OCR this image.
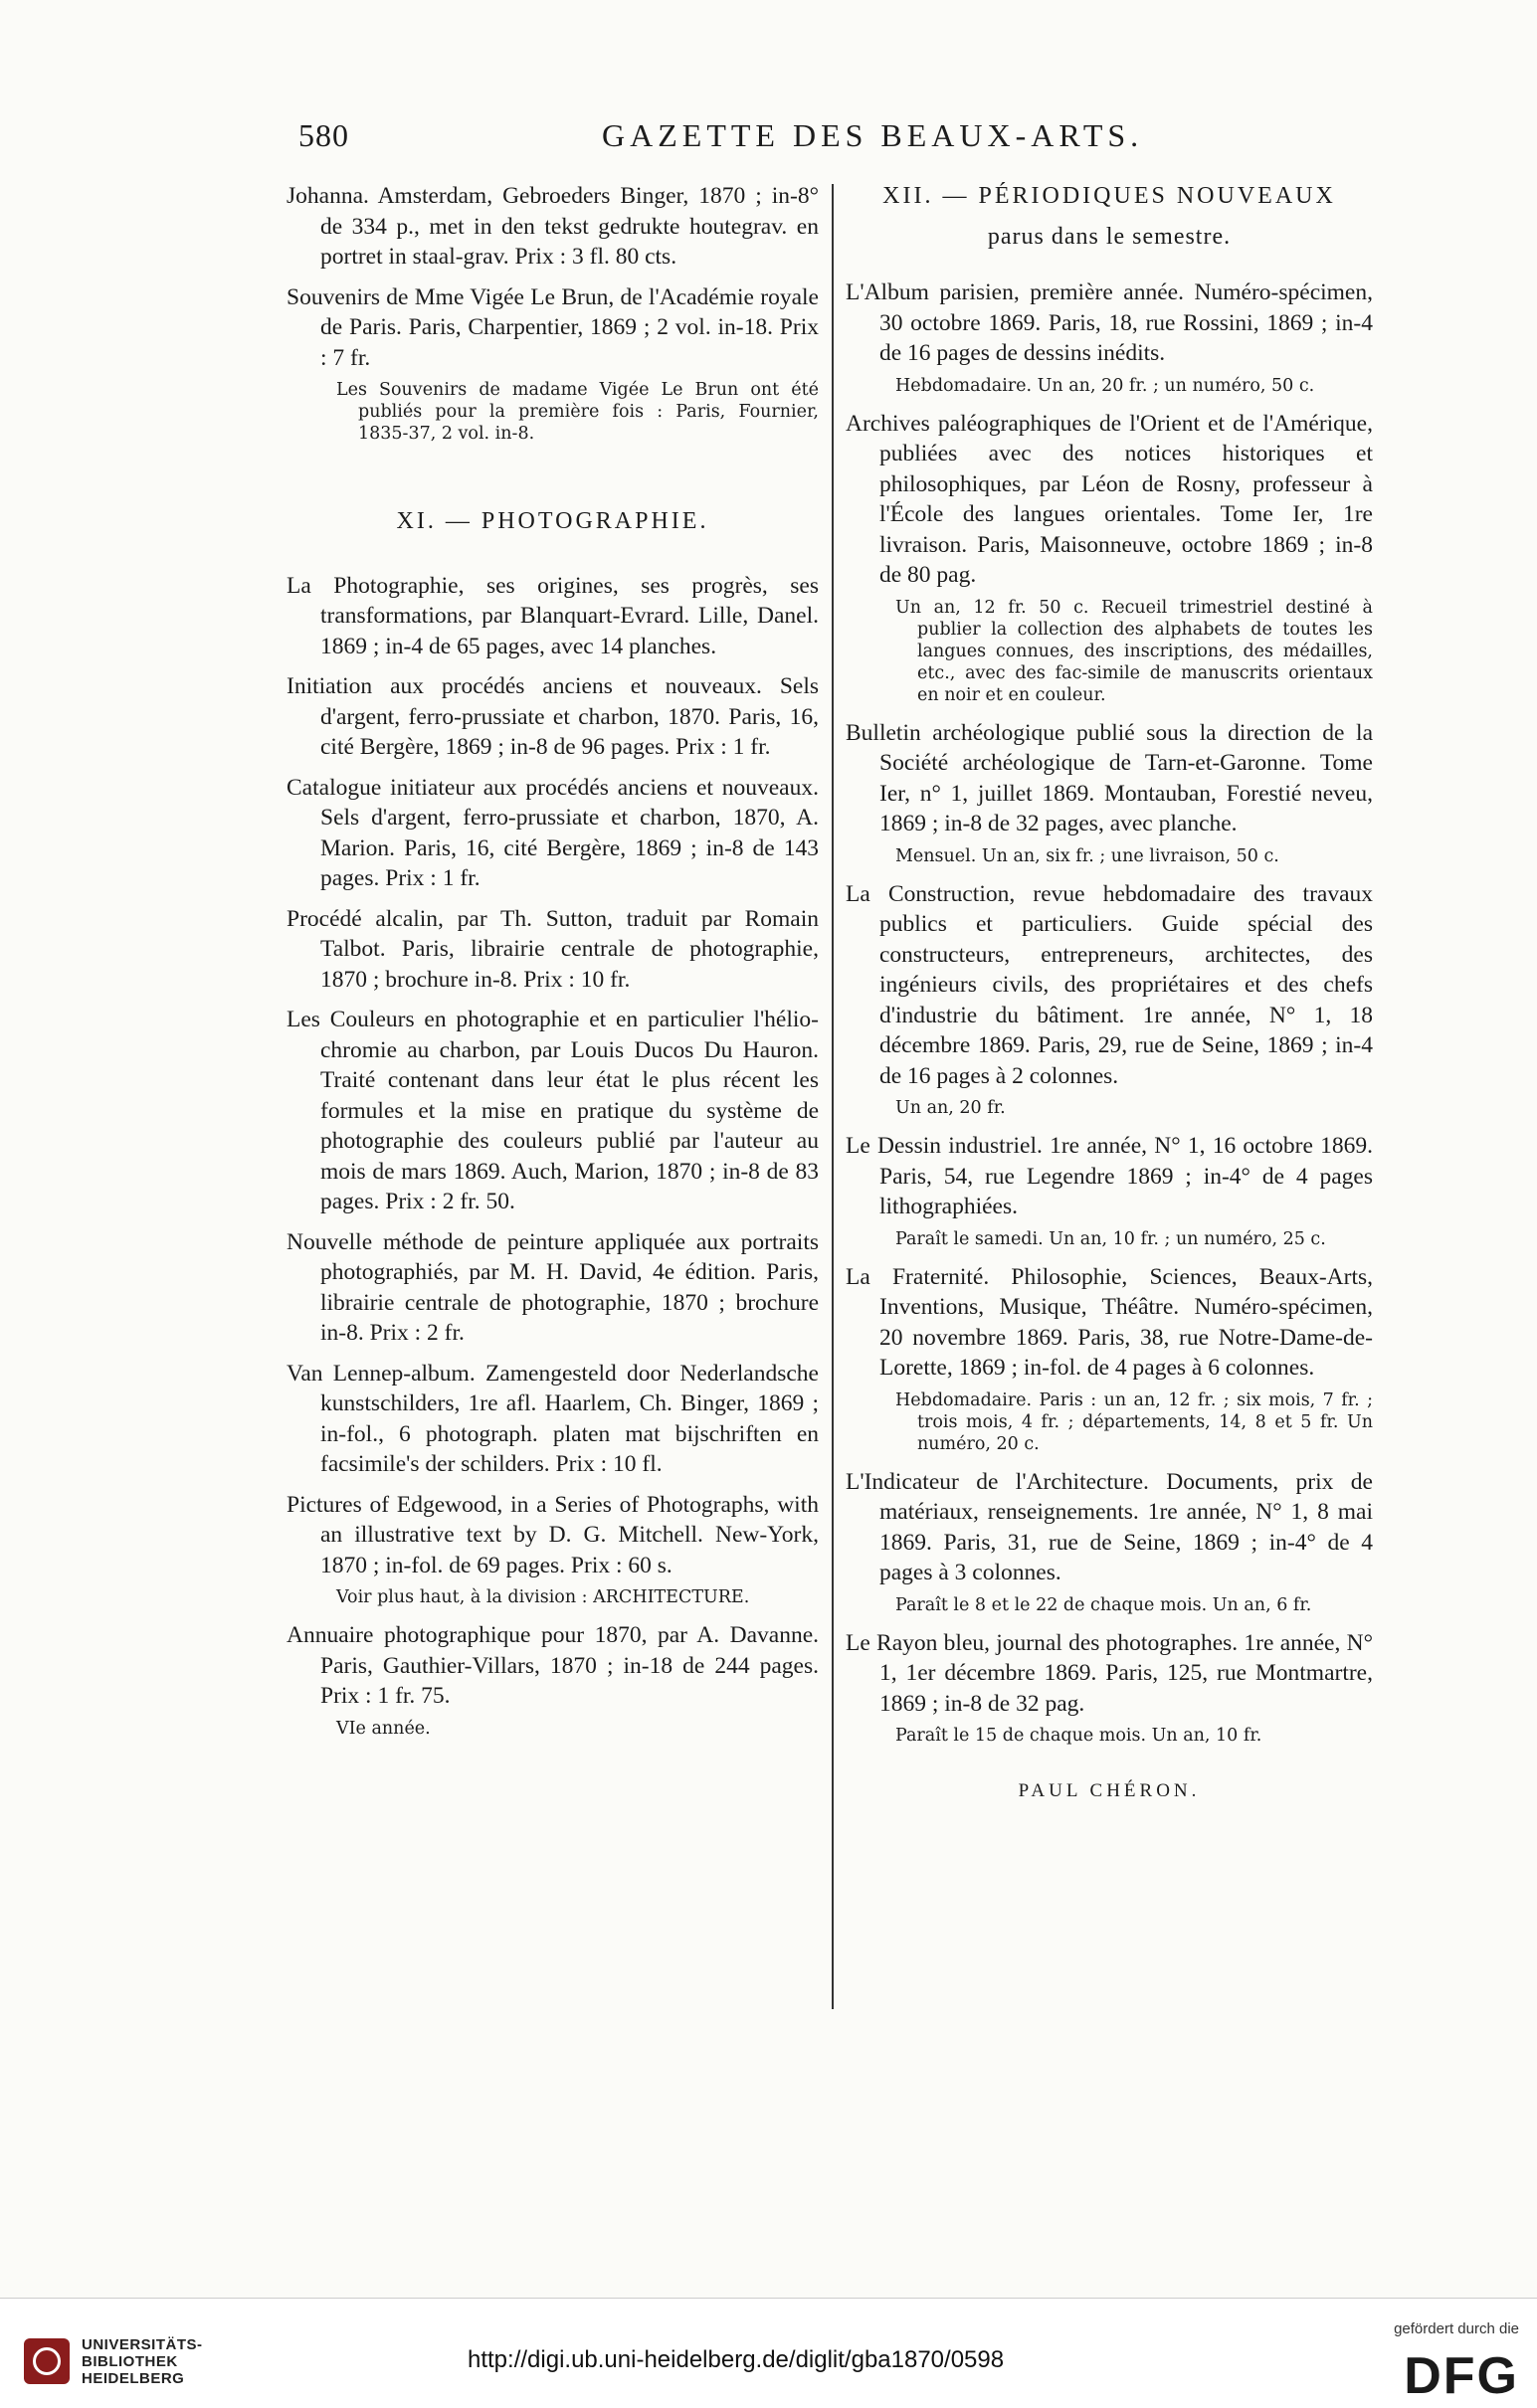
580	GAZETTE DES BEAUX-ARTS.

Johanna. Amsterdam, Gebroeders Binger, 1870 ; in-8° de 334 p., met in den tekst gedrukte houtegrav. en portret in staal-grav. Prix : 3 fl. 80 cts.

Souvenirs de Mme Vigée Le Brun, de l'Académie royale de Paris. Paris, Charpentier, 1869 ; 2 vol. in-18. Prix : 7 fr.

Les Souvenirs de madame Vigée Le Brun ont été publiés pour la première fois : Paris, Fournier, 1835-37, 2 vol. in-8.

XI. — PHOTOGRAPHIE.

La Photographie, ses origines, ses progrès, ses transformations, par Blanquart-Evrard. Lille, Danel. 1869 ; in-4 de 65 pages, avec 14 planches.

Initiation aux procédés anciens et nouveaux. Sels d'argent, ferro-prussiate et charbon, 1870. Paris, 16, cité Bergère, 1869 ; in-8 de 96 pages. Prix : 1 fr.

Catalogue initiateur aux procédés anciens et nouveaux. Sels d'argent, ferro-prussiate et charbon, 1870, A. Marion. Paris, 16, cité Bergère, 1869 ; in-8 de 143 pages. Prix : 1 fr.

Procédé alcalin, par Th. Sutton, traduit par Romain Talbot. Paris, librairie centrale de photographie, 1870 ; brochure in-8. Prix : 10 fr.

Les Couleurs en photographie et en particulier l'hélio-chromie au charbon, par Louis Ducos Du Hauron. Traité contenant dans leur état le plus récent les formules et la mise en pratique du système de photographie des couleurs publié par l'auteur au mois de mars 1869. Auch, Marion, 1870 ; in-8 de 83 pages. Prix : 2 fr. 50.

Nouvelle méthode de peinture appliquée aux portraits photographiés, par M. H. David, 4e édition. Paris, librairie centrale de photographie, 1870 ; brochure in-8. Prix : 2 fr.

Van Lennep-album. Zamengesteld door Nederlandsche kunstschilders, 1re afl. Haarlem, Ch. Binger, 1869 ; in-fol., 6 photograph. platen mat bijschriften en facsimile's der schilders. Prix : 10 fl.

Pictures of Edgewood, in a Series of Photographs, with an illustrative text by D. G. Mitchell. New-York, 1870 ; in-fol. de 69 pages. Prix : 60 s.

Voir plus haut, à la division : ARCHITECTURE.

Annuaire photographique pour 1870, par A. Davanne. Paris, Gauthier-Villars, 1870 ; in-18 de 244 pages. Prix : 1 fr. 75.

VIe année.

XII. — PÉRIODIQUES NOUVEAUX
parus dans le semestre.

L'Album parisien, première année. Numéro-spécimen, 30 octobre 1869. Paris, 18, rue Rossini, 1869 ; in-4 de 16 pages de dessins inédits.

Hebdomadaire. Un an, 20 fr. ; un numéro, 50 c.

Archives paléographiques de l'Orient et de l'Amérique, publiées avec des notices historiques et philosophiques, par Léon de Rosny, professeur à l'École des langues orientales. Tome Ier, 1re livraison. Paris, Maisonneuve, octobre 1869 ; in-8 de 80 pag.

Un an, 12 fr. 50 c. Recueil trimestriel destiné à publier la collection des alphabets de toutes les langues connues, des inscriptions, des médailles, etc., avec des fac-simile de manuscrits orientaux en noir et en couleur.

Bulletin archéologique publié sous la direction de la Société archéologique de Tarn-et-Garonne. Tome Ier, n° 1, juillet 1869. Montauban, Forestié neveu, 1869 ; in-8 de 32 pages, avec planche.

Mensuel. Un an, six fr. ; une livraison, 50 c.

La Construction, revue hebdomadaire des travaux publics et particuliers. Guide spécial des constructeurs, entrepreneurs, architectes, des ingénieurs civils, des propriétaires et des chefs d'industrie du bâtiment. 1re année, N° 1, 18 décembre 1869. Paris, 29, rue de Seine, 1869 ; in-4 de 16 pages à 2 colonnes.

Un an, 20 fr.

Le Dessin industriel. 1re année, N° 1, 16 octobre 1869. Paris, 54, rue Legendre 1869 ; in-4° de 4 pages lithographiées.

Paraît le samedi. Un an, 10 fr. ; un numéro, 25 c.

La Fraternité. Philosophie, Sciences, Beaux-Arts, Inventions, Musique, Théâtre. Numéro-spécimen, 20 novembre 1869. Paris, 38, rue Notre-Dame-de-Lorette, 1869 ; in-fol. de 4 pages à 6 colonnes.

Hebdomadaire. Paris : un an, 12 fr. ; six mois, 7 fr. ; trois mois, 4 fr. ; départements, 14, 8 et 5 fr. Un numéro, 20 c.

L'Indicateur de l'Architecture. Documents, prix de matériaux, renseignements. 1re année, N° 1, 8 mai 1869. Paris, 31, rue de Seine, 1869 ; in-4° de 4 pages à 3 colonnes.

Paraît le 8 et le 22 de chaque mois. Un an, 6 fr.

Le Rayon bleu, journal des photographes. 1re année, N° 1, 1er décembre 1869. Paris, 125, rue Montmartre, 1869 ; in-8 de 32 pag.

Paraît le 15 de chaque mois. Un an, 10 fr.

PAUL CHÉRON.
UNIVERSITÄTS-
BIBLIOTHEK
HEIDELBERG
http://digi.ub.uni-heidelberg.de/diglit/gba1870/0598
gefördert durch die
DFG
